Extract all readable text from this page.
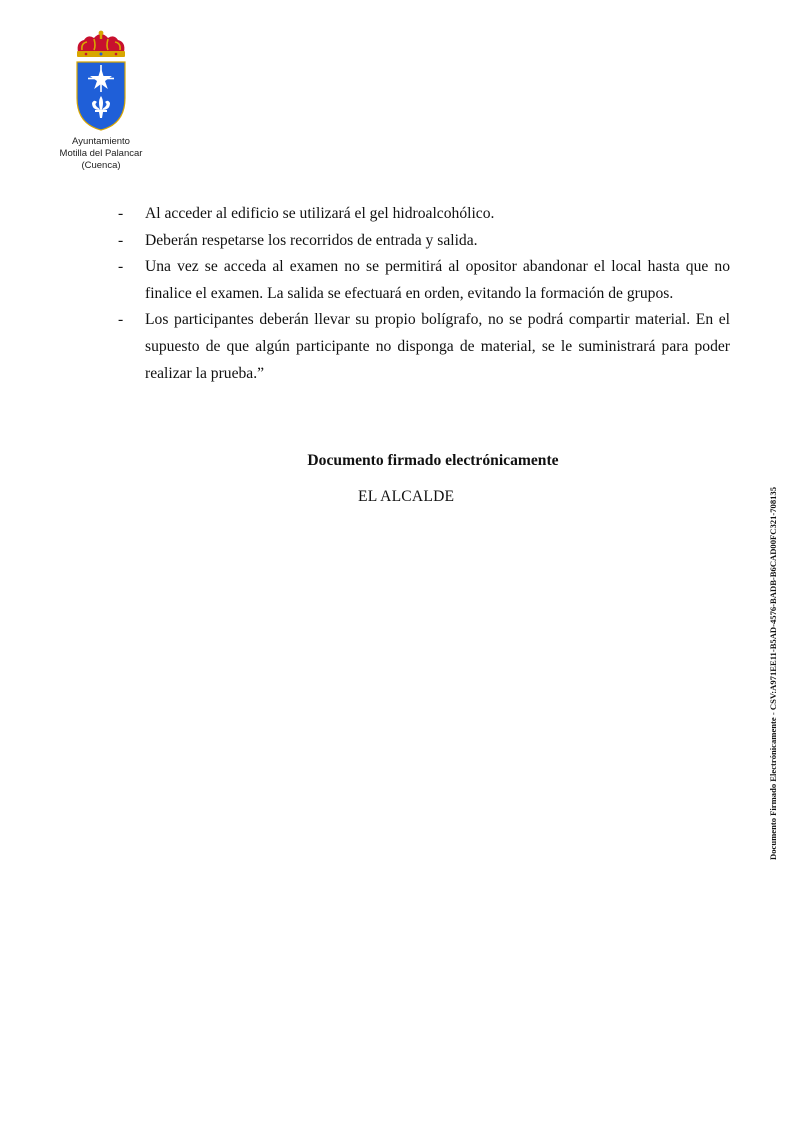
Ayuntamiento
Motilla del Palancar
(Cuenca)
- Al acceder al edificio se utilizará el gel hidroalcohólico.
- Deberán respetarse los recorridos de entrada y salida.
- Una vez se acceda al examen no se permitirá al opositor abandonar el local hasta que no finalice el examen. La salida se efectuará en orden, evitando la formación de grupos.
- Los participantes deberán llevar su propio bolígrafo, no se podrá compartir material. En el supuesto de que algún participante no disponga de material, se le suministrará para poder realizar la prueba.”
Documento firmado electrónicamente
EL ALCALDE
Documento Firmado Electrónicamente - CSV:A971EE11-B5AD-4576-BADB-B6CAD00FC321-708135
